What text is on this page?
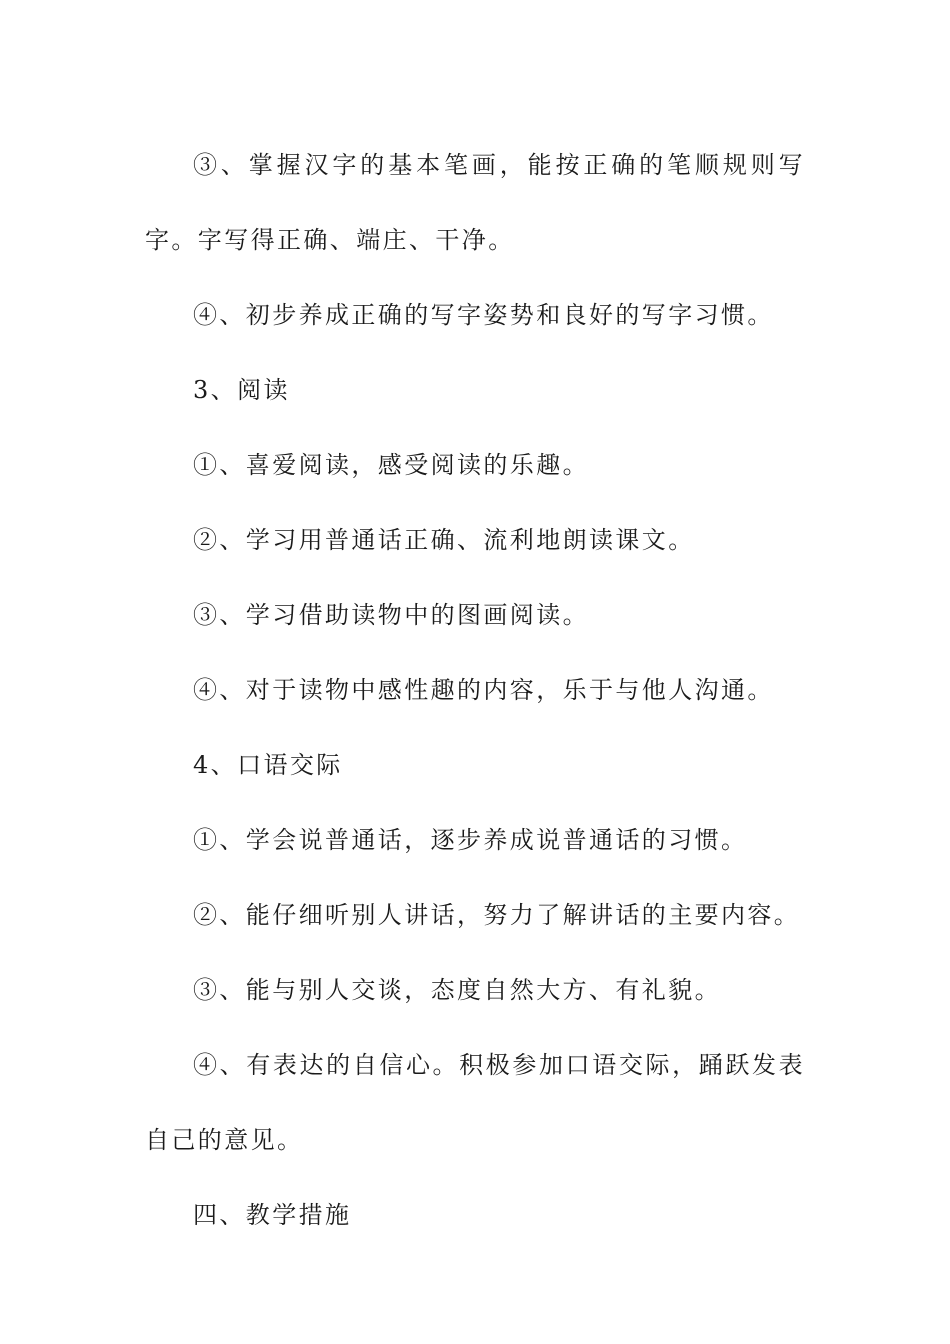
③、掌握汉字的基本笔画，能按正确的笔顺规则写字。字写得正确、端庄、干净。

④、初步养成正确的写字姿势和良好的写字习惯。

3、阅读

①、喜爱阅读，感受阅读的乐趣。

②、学习用普通话正确、流利地朗读课文。

③、学习借助读物中的图画阅读。

④、对于读物中感性趣的内容，乐于与他人沟通。

4、口语交际

①、学会说普通话，逐步养成说普通话的习惯。

②、能仔细听别人讲话，努力了解讲话的主要内容。

③、能与别人交谈，态度自然大方、有礼貌。

④、有表达的自信心。积极参加口语交际，踊跃发表自己的意见。

四、教学措施
